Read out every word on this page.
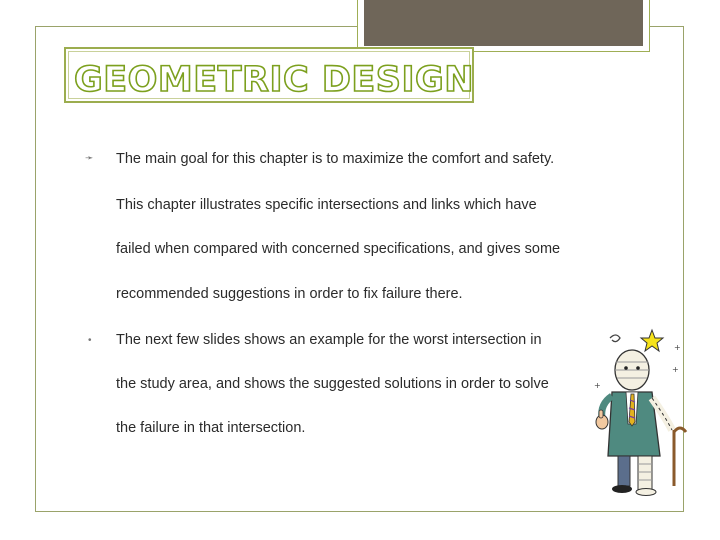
GEOMETRIC DESIGN
➛ The main goal for this chapter is to maximize the comfort and safety.
This chapter illustrates specific intersections and links which have
failed when compared with concerned specifications, and gives some
recommended suggestions in order to fix failure there.
• The next few slides shows an example for the worst intersection in
the study area, and shows the suggested solutions in order to solve
the failure in that intersection.
+
+
+
